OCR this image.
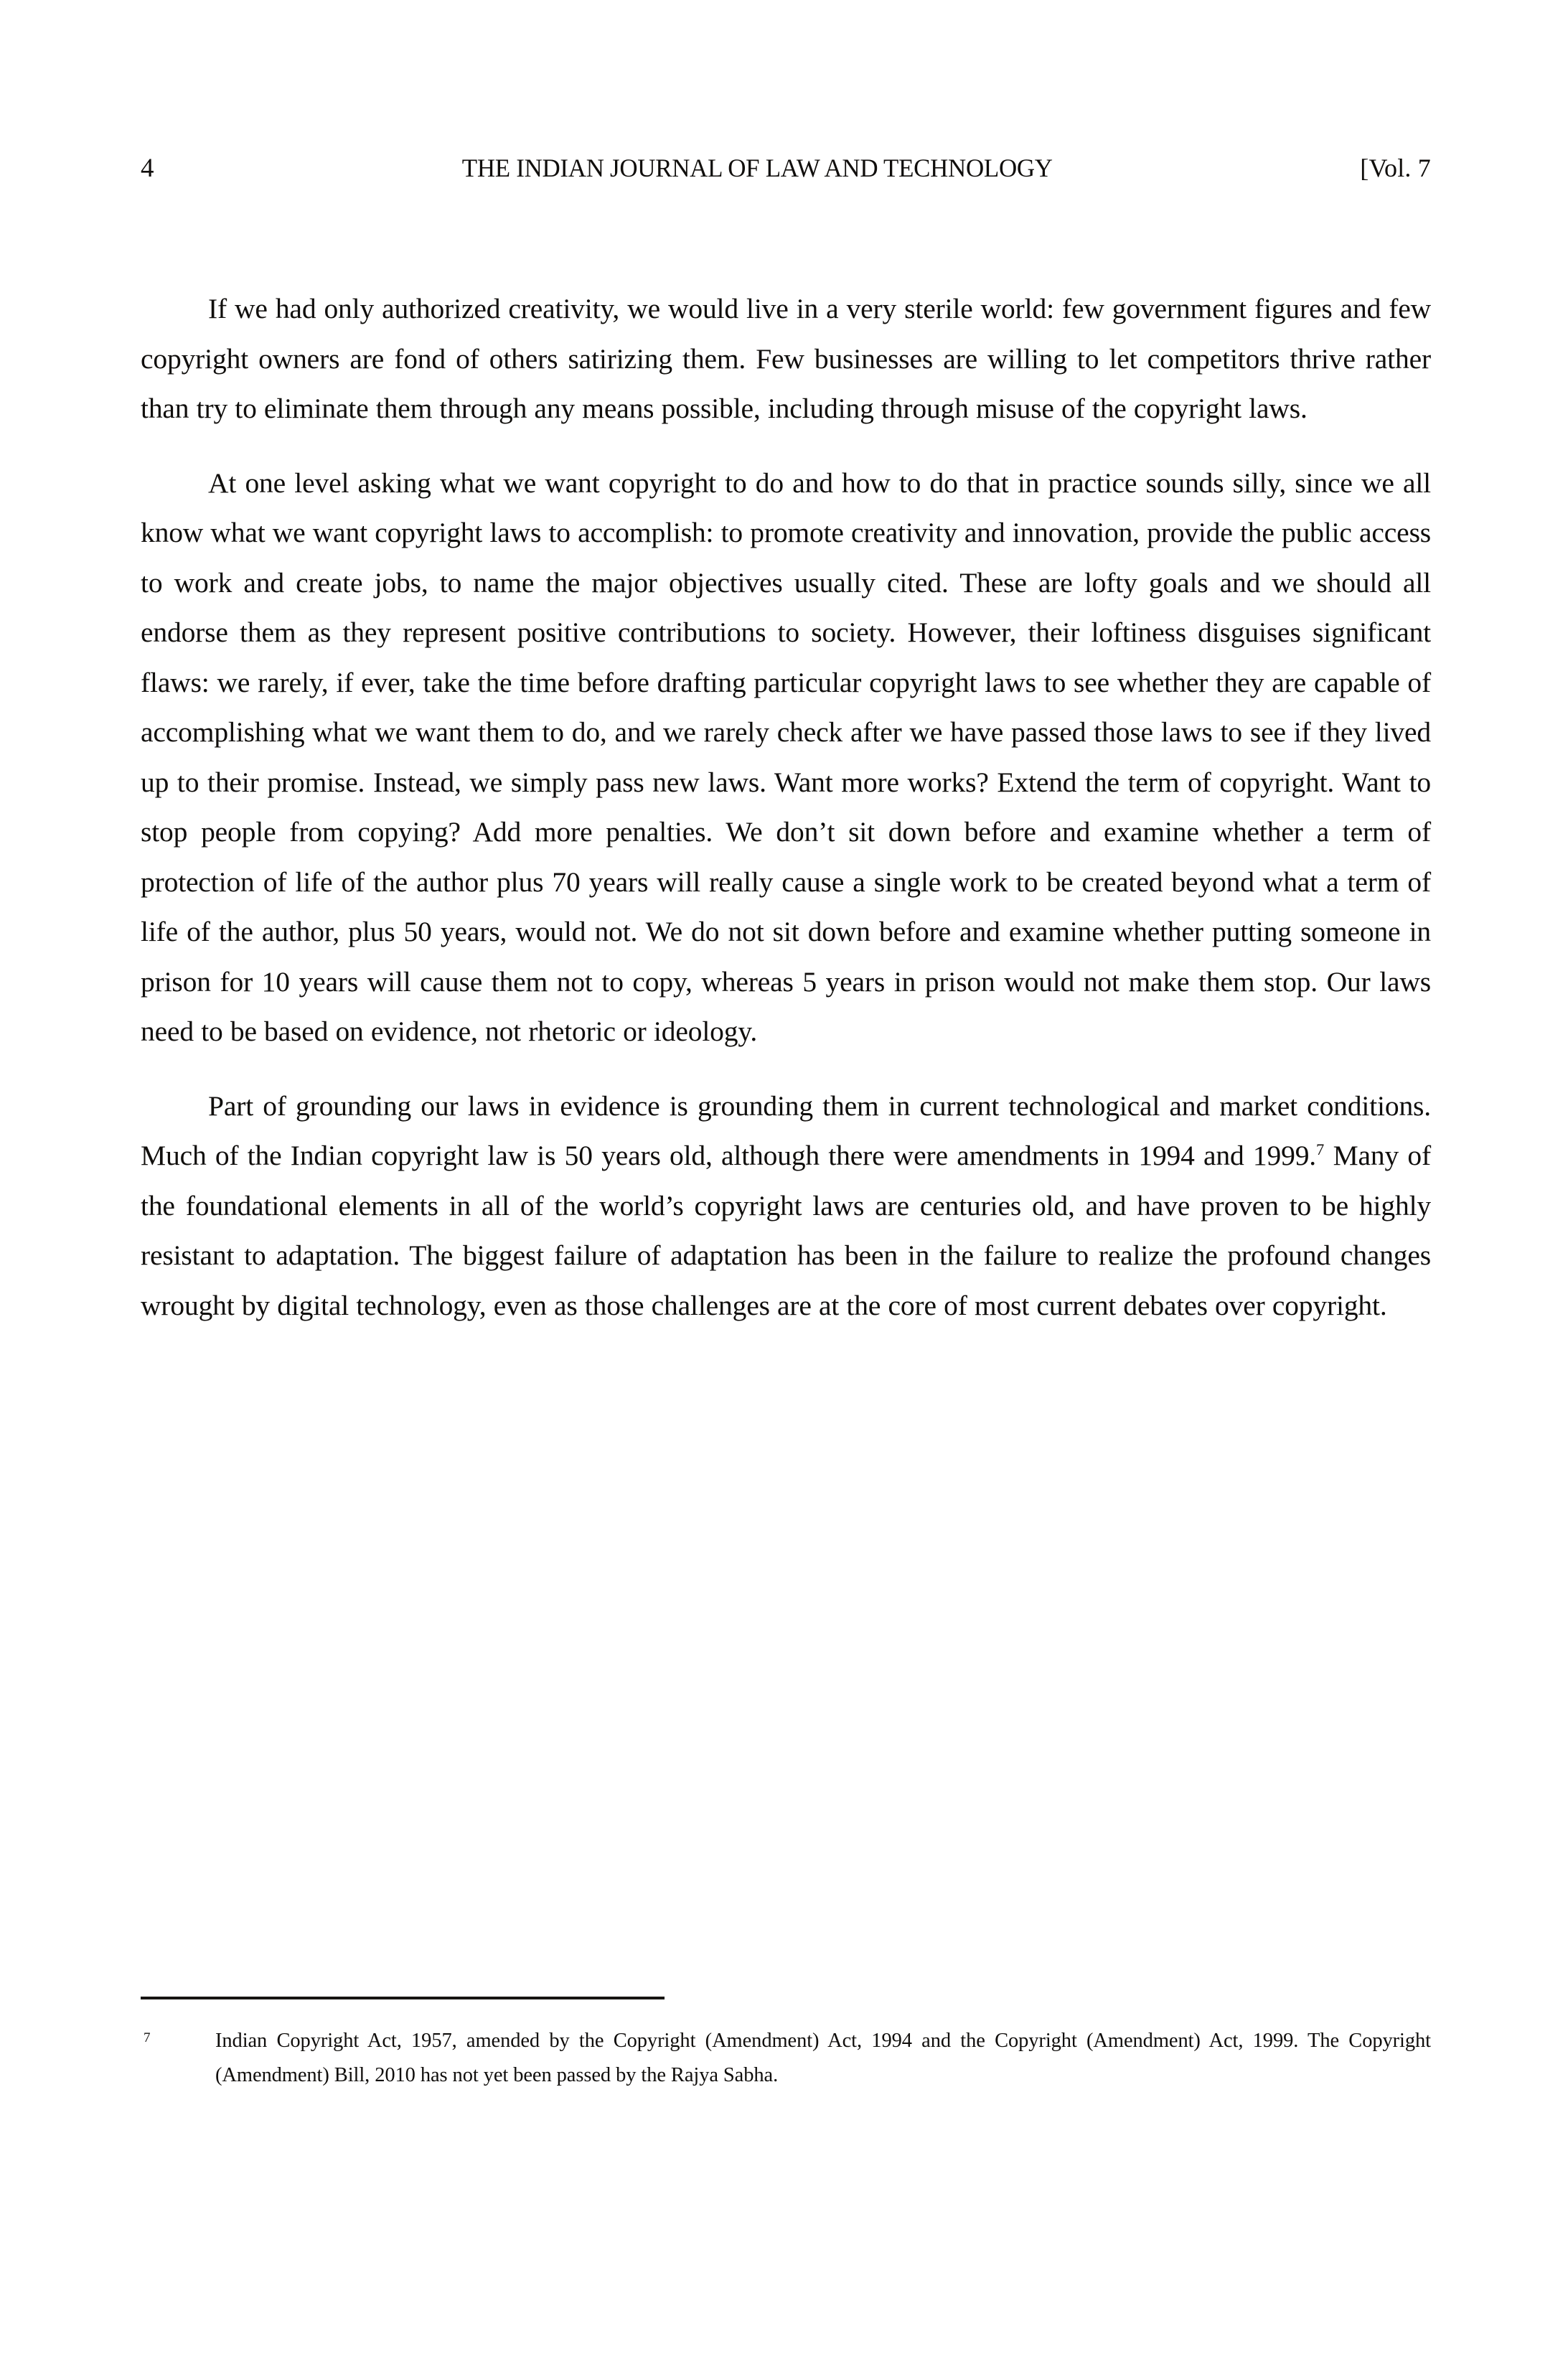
4	THE INDIAN JOURNAL OF LAW AND TECHNOLOGY	[Vol. 7

If we had only authorized creativity, we would live in a very sterile world: few government figures and few copyright owners are fond of others satirizing them. Few businesses are willing to let competitors thrive rather than try to eliminate them through any means possible, including through misuse of the copyright laws.

At one level asking what we want copyright to do and how to do that in practice sounds silly, since we all know what we want copyright laws to accomplish: to promote creativity and innovation, provide the public access to work and create jobs, to name the major objectives usually cited. These are lofty goals and we should all endorse them as they represent positive contributions to society. However, their loftiness disguises significant flaws: we rarely, if ever, take the time before drafting particular copyright laws to see whether they are capable of accomplishing what we want them to do, and we rarely check after we have passed those laws to see if they lived up to their promise. Instead, we simply pass new laws. Want more works? Extend the term of copyright. Want to stop people from copying? Add more penalties. We don’t sit down before and examine whether a term of protection of life of the author plus 70 years will really cause a single work to be created beyond what a term of life of the author, plus 50 years, would not. We do not sit down before and examine whether putting someone in prison for 10 years will cause them not to copy, whereas 5 years in prison would not make them stop. Our laws need to be based on evidence, not rhetoric or ideology.

Part of grounding our laws in evidence is grounding them in current technological and market conditions. Much of the Indian copyright law is 50 years old, although there were amendments in 1994 and 1999.$^7$ Many of the foundational elements in all of the world’s copyright laws are centuries old, and have proven to be highly resistant to adaptation. The biggest failure of adaptation has been in the failure to realize the profound changes wrought by digital technology, even as those challenges are at the core of most current debates over copyright.

7	Indian Copyright Act, 1957, amended by the Copyright (Amendment) Act, 1994 and the Copyright (Amendment) Act, 1999. The Copyright (Amendment) Bill, 2010 has not yet been passed by the Rajya Sabha.
